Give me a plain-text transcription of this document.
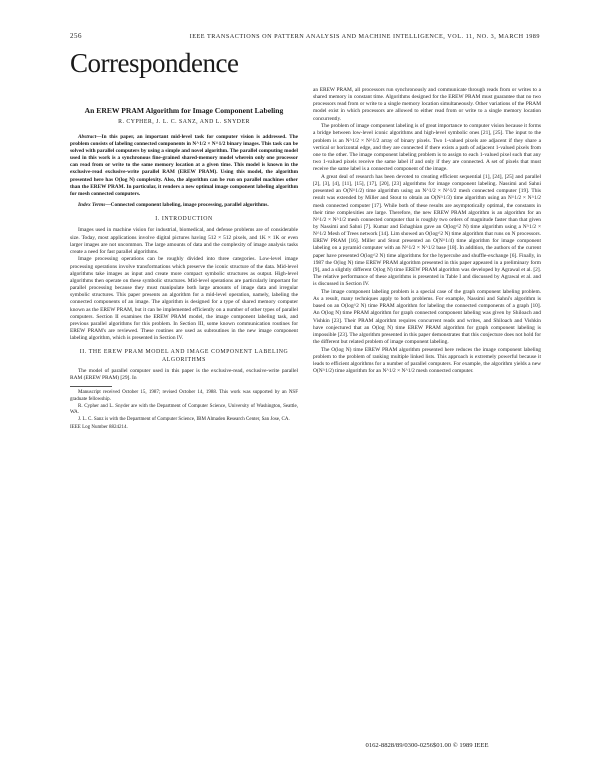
256	IEEE TRANSACTIONS ON PATTERN ANALYSIS AND MACHINE INTELLIGENCE, VOL. 11, NO. 3, MARCH 1989
Correspondence
An EREW PRAM Algorithm for Image Component Labeling
R. CYPHER, J. L. C. SANZ, AND L. SNYDER

Abstract—In this paper, an important mid-level task for computer vision is addressed. The problem consists of labeling connected components in N^1/2 × N^1/2 binary images. This task can be solved with parallel computers by using a simple and novel algorithm. The parallel computing model used in this work is a synchronous fine-grained shared-memory model wherein only one processor can read from or write to the same memory location at a given time. This model is known in the exclusive-read exclusive-write parallel RAM (EREW PRAM). Using this model, the algorithm presented here has O(log N) complexity. Also, the algorithm can be run on parallel machines other than the EREW PRAM. In particular, it renders a new optimal image component labeling algorithm for mesh connected computers.

Index Terms—Connected component labeling, image processing, parallel algorithms.

I. INTRODUCTION

Images used in machine vision for industrial, biomedical, and defense problems are of considerable size. Today, most applications involve digital pictures having 512 × 512 pixels, and 1K × 1K or even larger images are not uncommon. The large amounts of data and the complexity of image analysis tasks create a need for fast parallel algorithms.

Image processing operations can be roughly divided into three categories. Low-level image processing operations involve transformations which preserve the iconic structure of the data. Mid-level algorithms take images as input and create more compact symbolic structures as output. High-level algorithms then operate on these symbolic structures. Mid-level operations are particularly important for parallel processing because they must manipulate both large amounts of image data and irregular symbolic structures. This paper presents an algorithm for a mid-level operation, namely, labeling the connected components of an image. The algorithm is designed for a type of shared memory computer known as the EREW PRAM, but it can be implemented efficiently on a number of other types of parallel computers. Section II examines the EREW PRAM model, the image component labeling task, and previous parallel algorithms for this problem. In Section III, some known communication routines for EREW PRAM's are reviewed. These routines are used as subroutines in the new image component labeling algorithm, which is presented in Section IV.

II. THE EREW PRAM MODEL AND IMAGE COMPONENT LABELING ALGORITHMS

The model of parallel computer used in this paper is the exclusive-read, exclusive-write parallel RAM (EREW PRAM) [29]. In

Manuscript received October 15, 1987; revised October 14, 1988. This work was supported by an NSF graduate fellowship.

R. Cypher and L. Snyder are with the Department of Computer Science, University of Washington, Seattle, WA.

J. L. C. Sanz is with the Department of Computer Science, IBM Almaden Research Center, San Jose, CA.

IEEE Log Number 8824214.

an EREW PRAM, all processors run synchronously and communicate through reads from or writes to a shared memory in constant time. Algorithms designed for the EREW PRAM must guarantee that no two processors read from or write to a single memory location simultaneously. Other variations of the PRAM model exist in which processors are allowed to either read from or write to a single memory location concurrently.

The problem of image component labeling is of great importance to computer vision because it forms a bridge between low-level iconic algorithms and high-level symbolic ones [21], [25]. The input to the problem is an N^1/2 × N^1/2 array of binary pixels. Two 1-valued pixels are adjacent if they share a vertical or horizontal edge, and they are connected if there exists a path of adjacent 1-valued pixels from one to the other. The image component labeling problem is to assign to each 1-valued pixel such that any two 1-valued pixels receive the same label if and only if they are connected. A set of pixels that must receive the same label is a connected component of the image.

A great deal of research has been devoted to creating efficient sequential [1], [24], [25] and parallel [2], [3], [4], [11], [15], [17], [20], [23] algorithms for image component labeling. Nassimi and Sahni presented an O(N^1/2) time algorithm using an N^1/2 × N^1/2 mesh connected computer [19]. This result was extended by Miller and Stout to obtain an O(N^1/3) time algorithm using an N^1/2 × N^1/2 mesh connected computer [17]. While both of these results are asymptotically optimal, the constants in their time complexities are large. Therefore, the new EREW PRAM algorithm is an algorithm for an N^1/2 × N^1/2 mesh connected computer that is roughly two orders of magnitude faster than that given by Nassimi and Sahni [7]. Kumar and Eshaghian gave an O(log^2 N) time algorithm using a N^1/2 × N^1/2 Mesh of Trees network [14]. Lim showed an O(log^2 N) time algorithm that runs on N processors. EREW PRAM [16]. Miller and Stout presented an O(N^1/4) time algorithm for image component labeling on a pyramid computer with an N^1/2 × N^1/2 base [18]. In addition, the authors of the current paper have presented O(log^2 N) time algorithms for the hypercube and shuffle-exchange [6]. Finally, in 1987 the O(log N) time EREW PRAM algorithm presented in this paper appeared in a preliminary form [9], and a slightly different O(log N) time EREW PRAM algorithm was developed by Agrawal et al. [2]. The relative performance of these algorithms is presented in Table I and discussed by Agrawal et al. and is discussed in Section IV.

The image component labeling problem is a special case of the graph component labeling problem. As a result, many techniques apply to both problems. For example, Nassimi and Sahni's algorithm is based on an O(log^2 N) time PRAM algorithm for labeling the connected components of a graph [10]. An O(log N) time PRAM algorithm for graph connected component labeling was given by Shiloach and Vishkin [23]. Their PRAM algorithm requires concurrent reads and writes, and Shiloach and Vishkin have conjectured that an O(log N) time EREW PRAM algorithm for graph component labeling is impossible [23]. The algorithm presented in this paper demonstrates that this conjecture does not hold for the different but related problem of image component labeling.

The O(log N) time EREW PRAM algorithm presented here reduces the image component labeling problem to the problem of ranking multiple linked lists. This approach is extremely powerful because it leads to efficient algorithms for a number of parallel computers. For example, the algorithm yields a new O(N^1/2) time algorithm for an N^1/2 × N^1/2 mesh connected computer.

0162-8828/89/0300-0256$01.00 © 1989 IEEE
